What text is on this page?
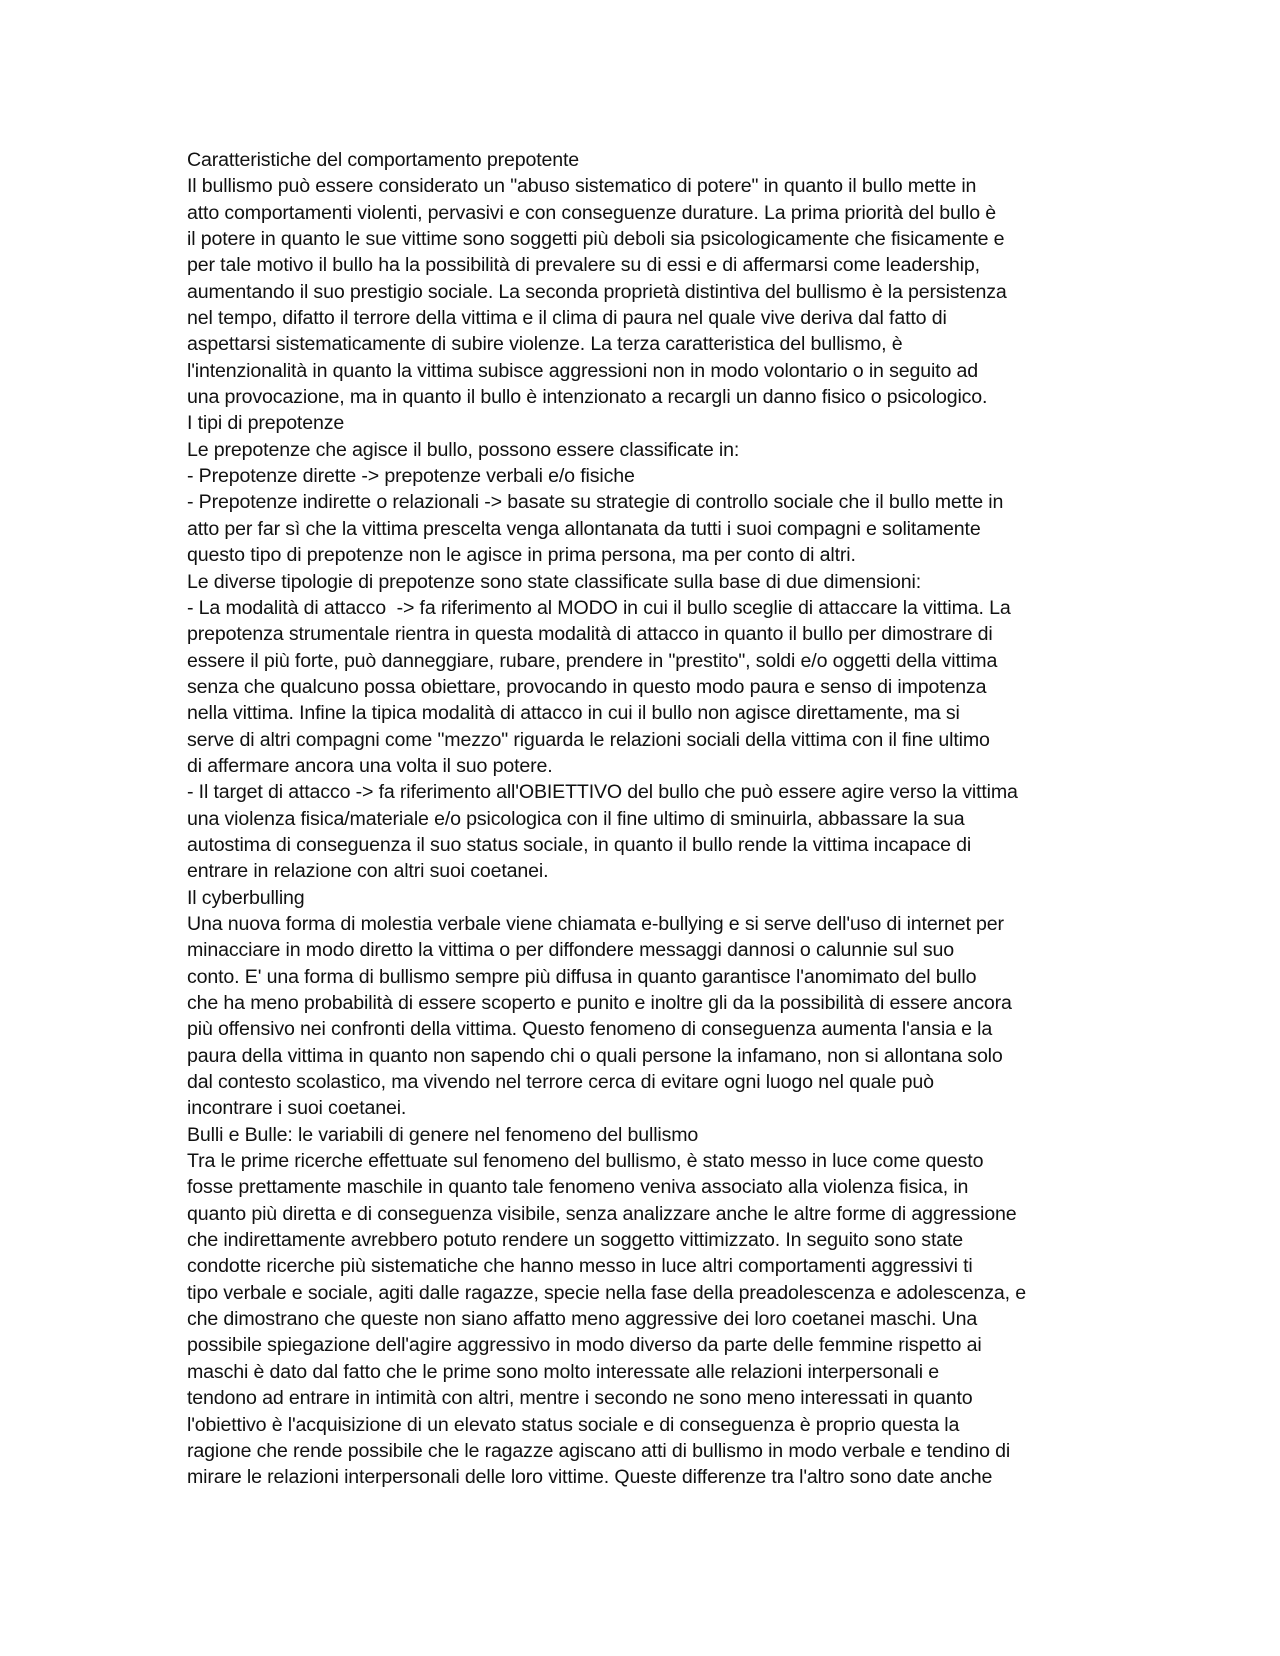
Caratteristiche del comportamento prepotente
Il bullismo può essere considerato un "abuso sistematico di potere" in quanto il bullo mette in
atto comportamenti violenti, pervasivi e con conseguenze durature. La prima priorità del bullo è
il potere in quanto le sue vittime sono soggetti più deboli sia psicologicamente che fisicamente e
per tale motivo il bullo ha la possibilità di prevalere su di essi e di affermarsi come leadership,
aumentando il suo prestigio sociale. La seconda proprietà distintiva del bullismo è la persistenza
nel tempo, difatto il terrore della vittima e il clima di paura nel quale vive deriva dal fatto di
aspettarsi sistematicamente di subire violenze. La terza caratteristica del bullismo, è
l'intenzionalità in quanto la vittima subisce aggressioni non in modo volontario o in seguito ad
una provocazione, ma in quanto il bullo è intenzionato a recargli un danno fisico o psicologico.
I tipi di prepotenze
Le prepotenze che agisce il bullo, possono essere classificate in:
- Prepotenze dirette -> prepotenze verbali e/o fisiche
- Prepotenze indirette o relazionali -> basate su strategie di controllo sociale che il bullo mette in
atto per far sì che la vittima prescelta venga allontanata da tutti i suoi compagni e solitamente
questo tipo di prepotenze non le agisce in prima persona, ma per conto di altri.
Le diverse tipologie di prepotenze sono state classificate sulla base di due dimensioni:
- La modalità di attacco  -> fa riferimento al MODO in cui il bullo sceglie di attaccare la vittima. La
prepotenza strumentale rientra in questa modalità di attacco in quanto il bullo per dimostrare di
essere il più forte, può danneggiare, rubare, prendere in "prestito", soldi e/o oggetti della vittima
senza che qualcuno possa obiettare, provocando in questo modo paura e senso di impotenza
nella vittima. Infine la tipica modalità di attacco in cui il bullo non agisce direttamente, ma si
serve di altri compagni come "mezzo" riguarda le relazioni sociali della vittima con il fine ultimo
di affermare ancora una volta il suo potere.
- Il target di attacco -> fa riferimento all'OBIETTIVO del bullo che può essere agire verso la vittima
una violenza fisica/materiale e/o psicologica con il fine ultimo di sminuirla, abbassare la sua
autostima di conseguenza il suo status sociale, in quanto il bullo rende la vittima incapace di
entrare in relazione con altri suoi coetanei.
Il cyberbulling
Una nuova forma di molestia verbale viene chiamata e-bullying e si serve dell'uso di internet per
minacciare in modo diretto la vittima o per diffondere messaggi dannosi o calunnie sul suo
conto. E' una forma di bullismo sempre più diffusa in quanto garantisce l'anomimato del bullo
che ha meno probabilità di essere scoperto e punito e inoltre gli da la possibilità di essere ancora
più offensivo nei confronti della vittima. Questo fenomeno di conseguenza aumenta l'ansia e la
paura della vittima in quanto non sapendo chi o quali persone la infamano, non si allontana solo
dal contesto scolastico, ma vivendo nel terrore cerca di evitare ogni luogo nel quale può
incontrare i suoi coetanei.
Bulli e Bulle: le variabili di genere nel fenomeno del bullismo
Tra le prime ricerche effettuate sul fenomeno del bullismo, è stato messo in luce come questo
fosse prettamente maschile in quanto tale fenomeno veniva associato alla violenza fisica, in
quanto più diretta e di conseguenza visibile, senza analizzare anche le altre forme di aggressione
che indirettamente avrebbero potuto rendere un soggetto vittimizzato. In seguito sono state
condotte ricerche più sistematiche che hanno messo in luce altri comportamenti aggressivi ti
tipo verbale e sociale, agiti dalle ragazze, specie nella fase della preadolescenza e adolescenza, e
che dimostrano che queste non siano affatto meno aggressive dei loro coetanei maschi. Una
possibile spiegazione dell'agire aggressivo in modo diverso da parte delle femmine rispetto ai
maschi è dato dal fatto che le prime sono molto interessate alle relazioni interpersonali e
tendono ad entrare in intimità con altri, mentre i secondo ne sono meno interessati in quanto
l'obiettivo è l'acquisizione di un elevato status sociale e di conseguenza è proprio questa la
ragione che rende possibile che le ragazze agiscano atti di bullismo in modo verbale e tendino di
mirare le relazioni interpersonali delle loro vittime. Queste differenze tra l'altro sono date anche
